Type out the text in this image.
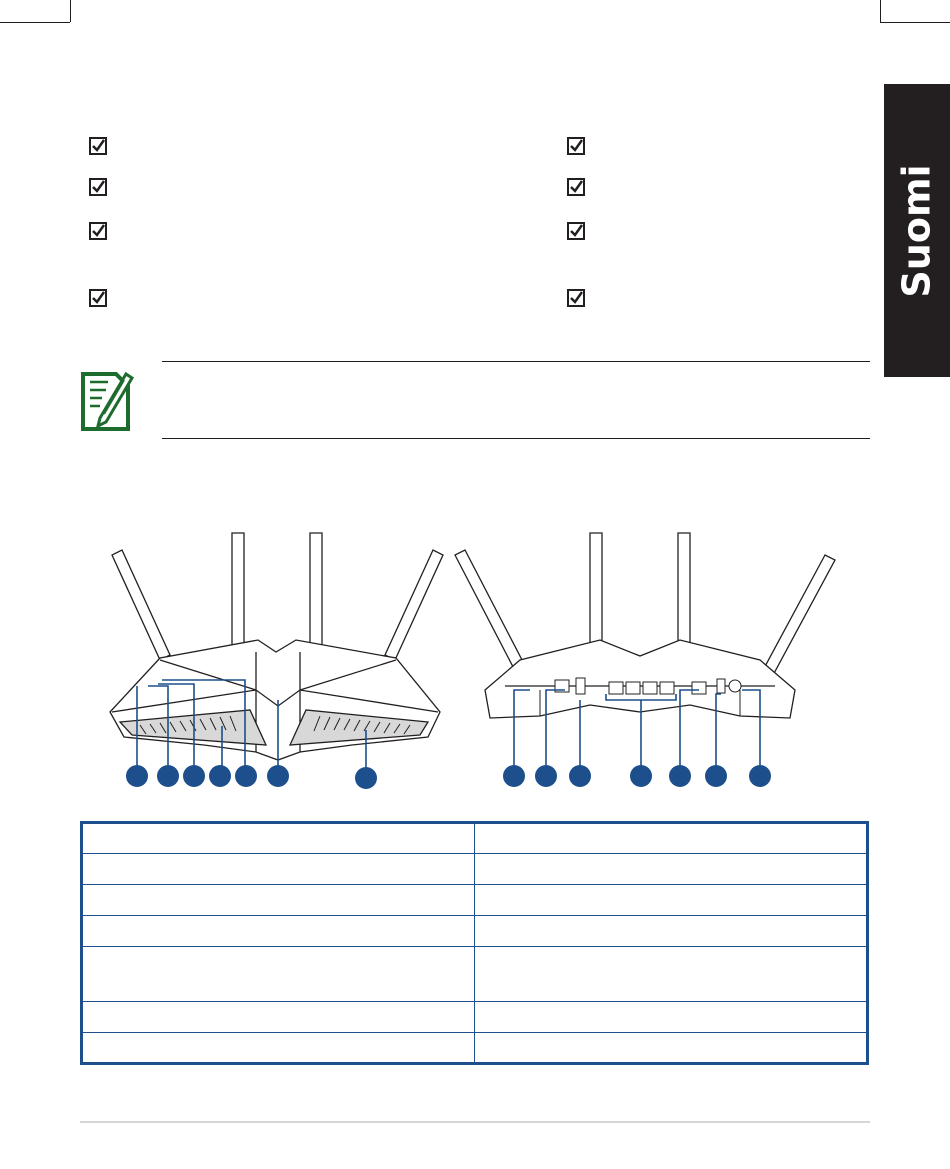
Suomi
